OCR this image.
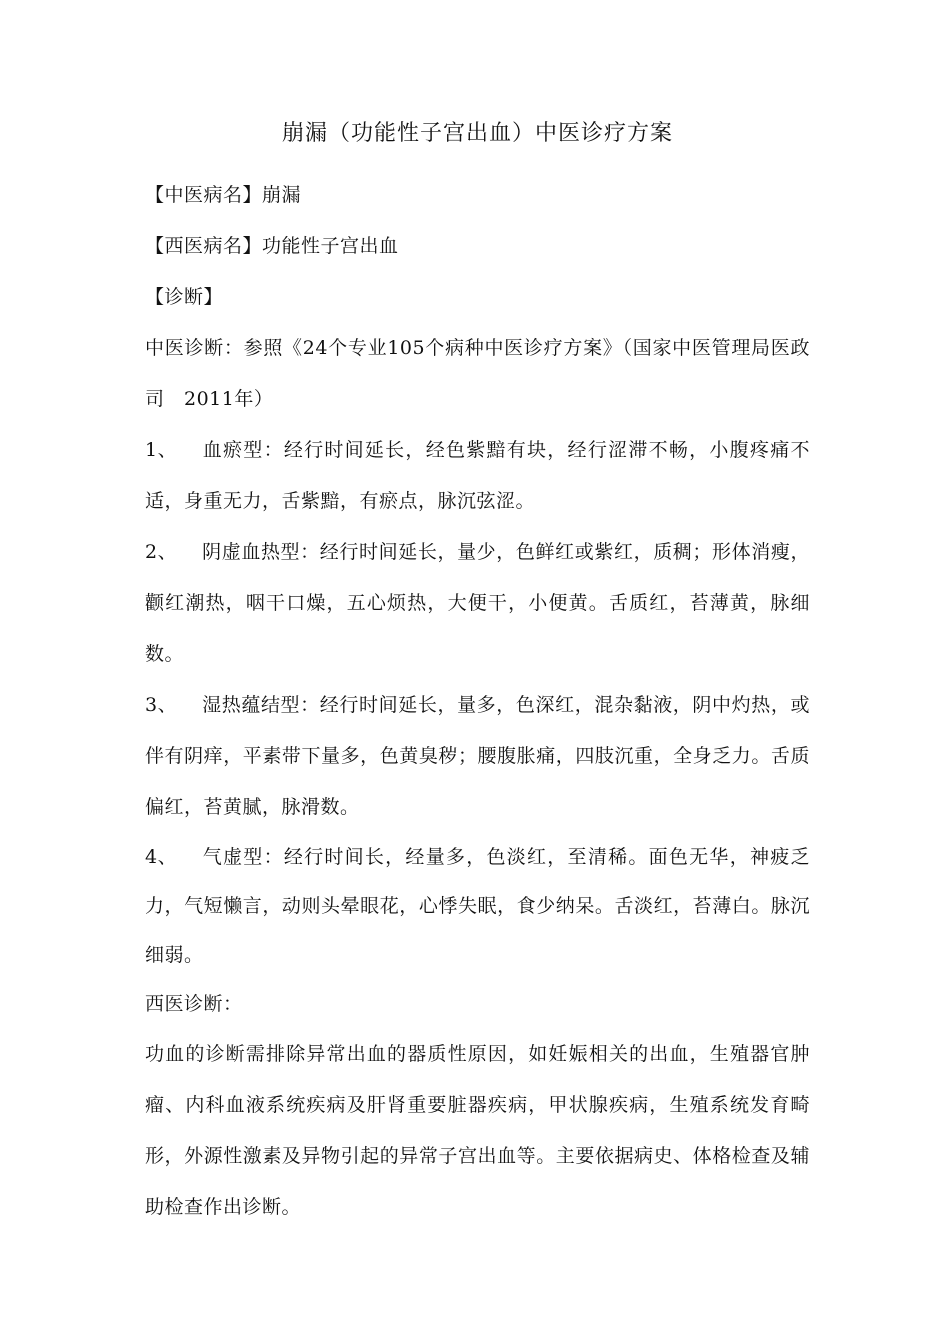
崩漏（功能性子宫出血）中医诊疗方案

【中医病名】崩漏

【西医病名】功能性子宫出血

【诊断】

中医诊断：参照《24个专业105个病种中医诊疗方案》（国家中医管理局医政司　2011年）

1、 血瘀型：经行时间延长，经色紫黯有块，经行涩滞不畅，小腹疼痛不适，身重无力，舌紫黯，有瘀点，脉沉弦涩。

2、 阴虚血热型：经行时间延长，量少，色鲜红或紫红，质稠；形体消瘦，颧红潮热，咽干口燥，五心烦热，大便干，小便黄。舌质红，苔薄黄，脉细数。

3、 湿热蕴结型：经行时间延长，量多，色深红，混杂黏液，阴中灼热，或伴有阴痒，平素带下量多，色黄臭秽；腰腹胀痛，四肢沉重，全身乏力。舌质偏红，苔黄腻，脉滑数。

4、 气虚型：经行时间长，经量多，色淡红，至清稀。面色无华，神疲乏力，气短懒言，动则头晕眼花，心悸失眠，食少纳呆。舌淡红，苔薄白。脉沉细弱。

西医诊断：

功血的诊断需排除异常出血的器质性原因，如妊娠相关的出血，生殖器官肿瘤、内科血液系统疾病及肝肾重要脏器疾病，甲状腺疾病，生殖系统发育畸形，外源性激素及异物引起的异常子宫出血等。主要依据病史、体格检查及辅助检查作出诊断。
